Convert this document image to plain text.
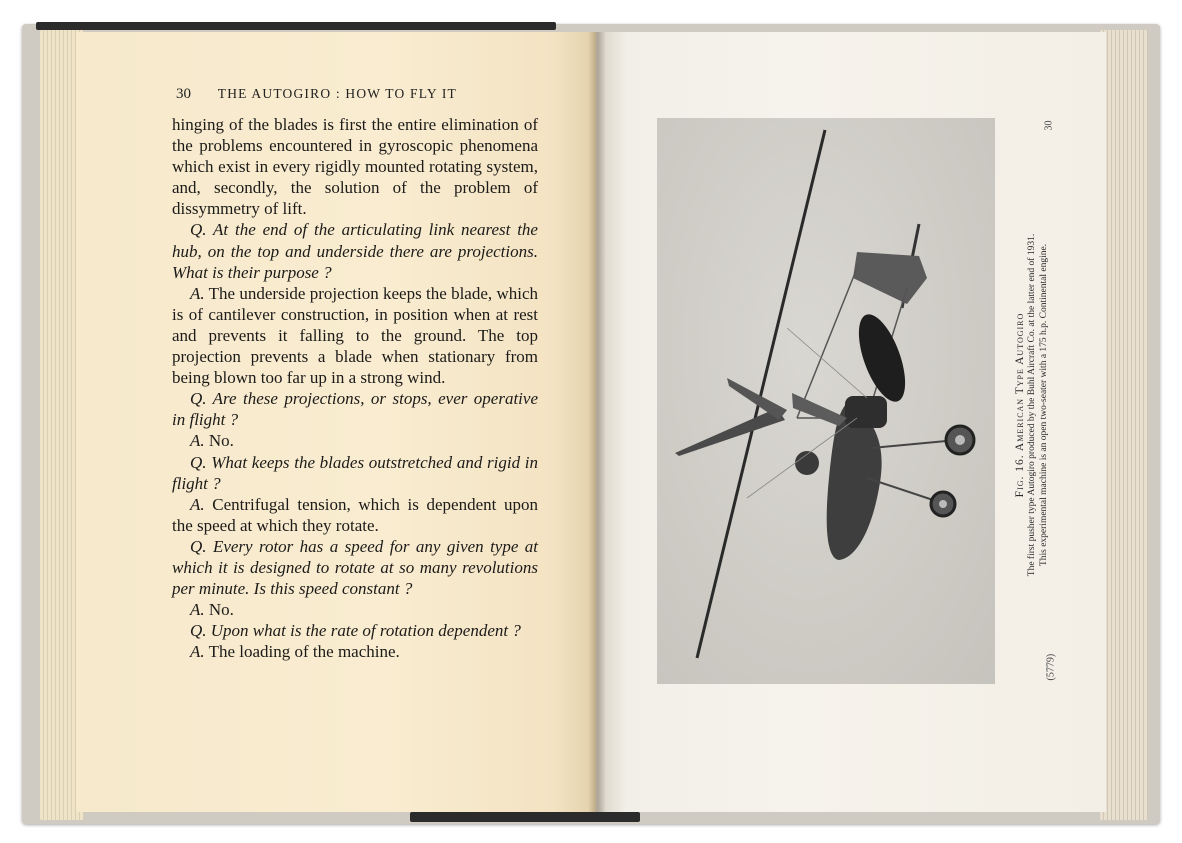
30 THE AUTOGIRO : HOW TO FLY IT

hinging of the blades is first the entire elimination of the problems encountered in gyroscopic phenomena which exist in every rigidly mounted rotating system, and, secondly, the solution of the problem of dissymmetry of lift.

Q. At the end of the articulating link nearest the hub, on the top and underside there are projections. What is their purpose ?

A. The underside projection keeps the blade, which is of cantilever construction, in position when at rest and prevents it falling to the ground. The top projection prevents a blade when stationary from being blown too far up in a strong wind.

Q. Are these projections, or stops, ever operative in flight ?

A. No.

Q. What keeps the blades outstretched and rigid in flight ?

A. Centrifugal tension, which is dependent upon the speed at which they rotate.

Q. Every rotor has a speed for any given type at which it is designed to rotate at so many revolutions per minute. Is this speed constant ?

A. No.

Q. Upon what is the rate of rotation dependent ?

A. The loading of the machine.

Fig. 16. American Type Autogiro The first pusher type Autogiro produced by the Buhl Aircraft Co. at the latter end of 1931. This experimental machine is an open two-seater with a 175 h.p. Continental engine.
30
(5779)
